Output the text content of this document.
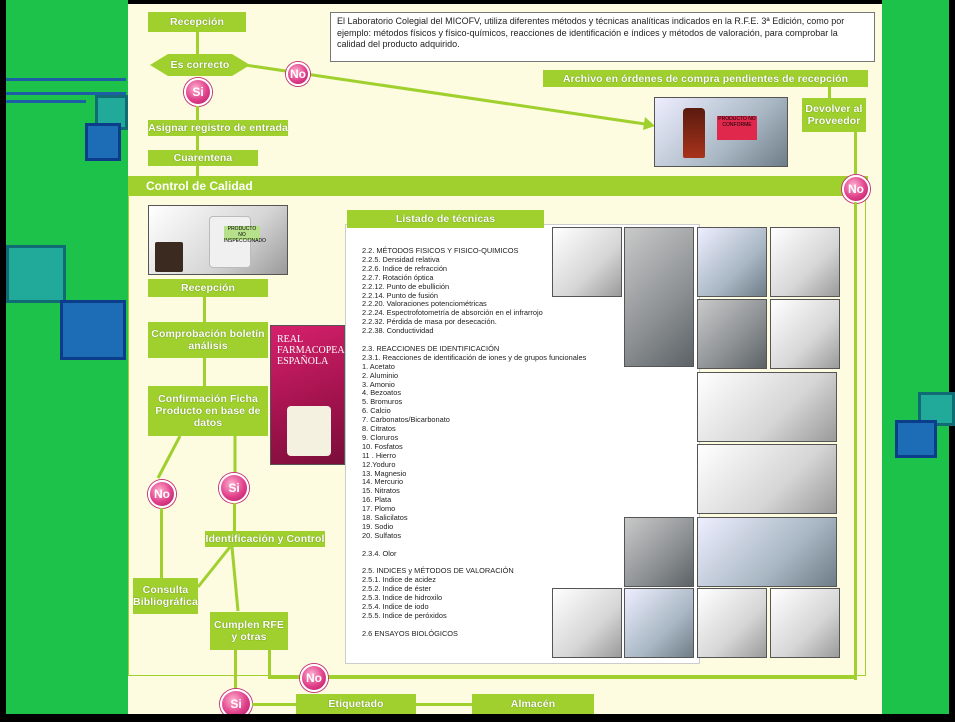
El Laboratorio Colegial del MICOFV, utiliza diferentes métodos y técnicas analíticas indicados en la R.F.E. 3ª Edición, como por ejemplo: métodos físicos y físico-químicos, reacciones de identificación e índices y métodos de valoración, para comprobar la calidad del producto adquirido.
Recepción
Es correcto
Si
Asignar registro de entrada
Cuarentena
No	Archivo en órdenes de compra pendientes de recepción
PRODUCTO NO CONFORME
Devolver al Proveedor
Control de Calidad	No
PRODUCTO NO INSPECCIONADO
Recepción
Comprobación boletín análisis
Confirmación Ficha Producto en base de datos
REAL FARMACOPEA ESPAÑOLA
No	Si
Identificación y Control
Consulta Bibliográfica
Cumplen RFE y otras
No
Si	Etiquetado	Almacén
Listado de técnicas
2.2. MÉTODOS FISICOS Y FISICO-QUIMICOS
2.2.5. Densidad relativa
2.2.6. Indice de refracción
2.2.7. Rotación óptica
2.2.12. Punto de ebullición
2.2.14. Punto de fusión
2.2.20. Valoraciones potenciométricas
2.2.24. Espectrofotometría de absorción en el infrarrojo
2.2.32. Pérdida de masa por desecación.
2.2.38. Conductividad
2.3. REACCIONES DE IDENTIFICACIÓN
2.3.1. Reacciones de identificación de iones y de grupos funcionales
1. Acetato
2. Aluminio
3. Amonio
4. Bezoatos
5. Bromuros
6. Calcio
7. Carbonatos/Bicarbonato
8. Citratos
9. Cloruros
10. Fosfatos
11 . Hierro
12.Yoduro
13. Magnesio
14. Mercurio
15. Nitratos
16. Plata
17. Plomo
18. Salicilatos
19. Sodio
20. Sulfatos
2.3.4. Olor
2.5. INDICES y MÉTODOS DE VALORACIÓN
2.5.1. Indice de acidez
2.5.2. Indice de éster
2.5.3. Indice de hidroxilo
2.5.4. Indice de iodo
2.5.5. Indice de peróxidos
2.6 ENSAYOS BIOLÓGICOS
